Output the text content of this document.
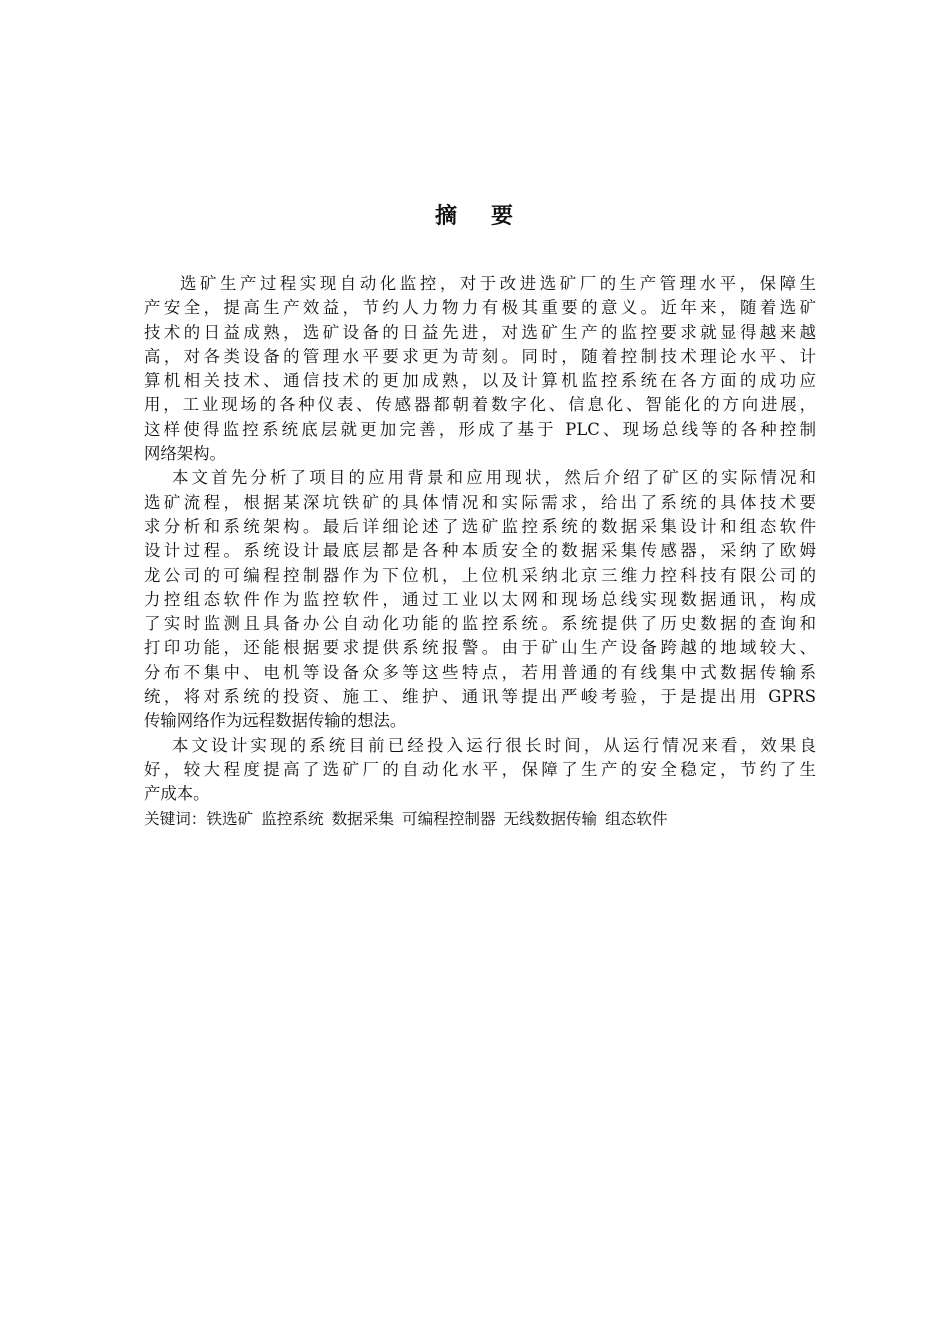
摘 要
选矿生产过程实现自动化监控，对于改进选矿厂的生产管理水平，保障生
产安全，提高生产效益，节约人力物力有极其重要的意义。近年来，随着选矿
技术的日益成熟，选矿设备的日益先进，对选矿生产的监控要求就显得越来越
高，对各类设备的管理水平要求更为苛刻。同时，随着控制技术理论水平、计
算机相关技术、通信技术的更加成熟，以及计算机监控系统在各方面的成功应
用，工业现场的各种仪表、传感器都朝着数字化、信息化、智能化的方向进展，
这样使得监控系统底层就更加完善，形成了基于 PLC、现场总线等的各种控制
网络架构。
本文首先分析了项目的应用背景和应用现状，然后介绍了矿区的实际情况和
选矿流程，根据某深坑铁矿的具体情况和实际需求，给出了系统的具体技术要
求分析和系统架构。最后详细论述了选矿监控系统的数据采集设计和组态软件
设计过程。系统设计最底层都是各种本质安全的数据采集传感器，采纳了欧姆
龙公司的可编程控制器作为下位机，上位机采纳北京三维力控科技有限公司的
力控组态软件作为监控软件，通过工业以太网和现场总线实现数据通讯，构成
了实时监测且具备办公自动化功能的监控系统。系统提供了历史数据的查询和
打印功能，还能根据要求提供系统报警。由于矿山生产设备跨越的地域较大、
分布不集中、电机等设备众多等这些特点，若用普通的有线集中式数据传输系
统，将对系统的投资、施工、维护、通讯等提出严峻考验，于是提出用 GPRS
传输网络作为远程数据传输的想法。
本文设计实现的系统目前已经投入运行很长时间，从运行情况来看，效果良
好，较大程度提高了选矿厂的自动化水平，保障了生产的安全稳定，节约了生
产成本。
关键词：铁选矿 监控系统 数据采集 可编程控制器 无线数据传输 组态软件
